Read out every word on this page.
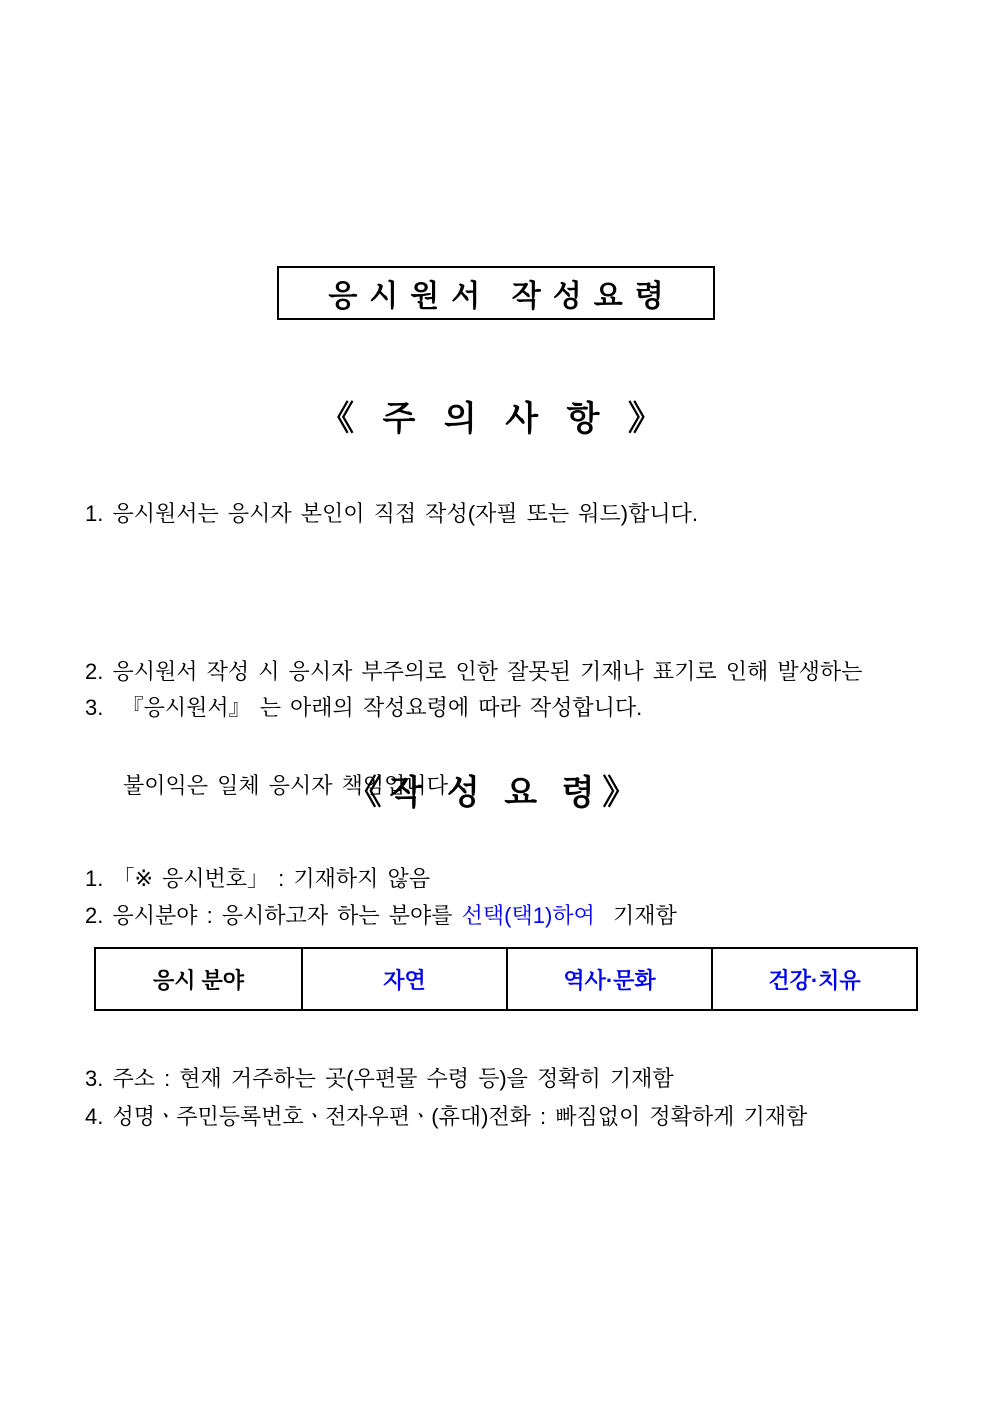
응시원서 작성요령
《 주 의 사 항 》
1. 응시원서는 응시자 본인이 직접 작성(자필 또는 워드)합니다.

2. 응시원서 작성 시 응시자 부주의로 인한 잘못된 기재나 표기로 인해 발생하는

불이익은 일체 응시자 책임입니다.

3.  『응시원서』 는 아래의 작성요령에 따라 작성합니다.
《작 성 요 령》
1. 「※ 응시번호」 : 기재하지 않음
2. 응시분야 : 응시하고자 하는 분야를 선택(택1)하여  기재함
응시 분야	자연	역사·문화	건강·치유
3. 주소 : 현재 거주하는 곳(우편물 수령 등)을 정확히 기재함
4. 성명ㆍ주민등록번호ㆍ전자우편ㆍ(휴대)전화 : 빠짐없이 정확하게 기재함
